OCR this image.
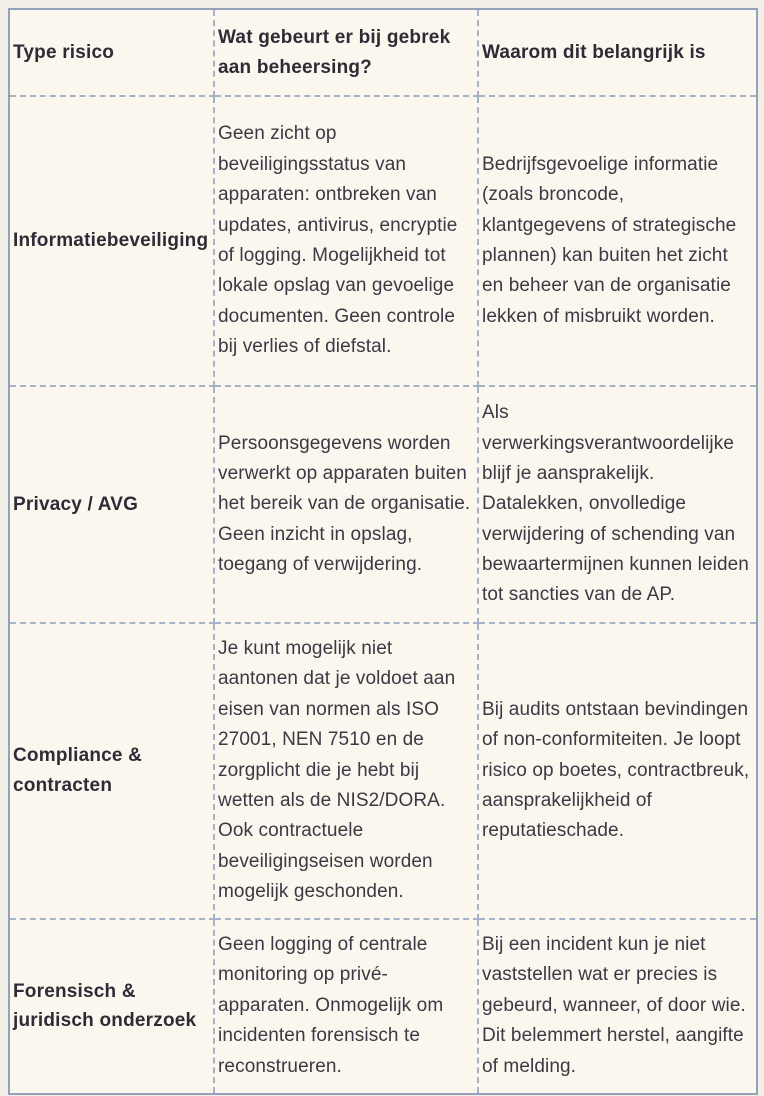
Type risico	Wat gebeurt er bij gebrek aan beheersing?	Waarom dit belangrijk is
Informatiebeveiliging	Geen zicht op beveiligingsstatus van apparaten: ontbreken van updates, antivirus, encryptie of logging. Mogelijkheid tot lokale opslag van gevoelige documenten. Geen controle bij verlies of diefstal.	Bedrijfsgevoelige informatie (zoals broncode, klantgegevens of strategische plannen) kan buiten het zicht en beheer van de organisatie lekken of misbruikt worden.
Privacy / AVG	Persoonsgegevens worden verwerkt op apparaten buiten het bereik van de organisatie. Geen inzicht in opslag, toegang of verwijdering.	Als verwerkingsverantwoordelijke blijf je aansprakelijk. Datalekken, onvolledige verwijdering of schending van bewaartermijnen kunnen leiden tot sancties van de AP.
Compliance & contracten	Je kunt mogelijk niet aantonen dat je voldoet aan eisen van normen als ISO 27001, NEN 7510 en de zorgplicht die je hebt bij wetten als de NIS2/DORA. Ook contractuele beveiligingseisen worden mogelijk geschonden.	Bij audits ontstaan bevindingen of non-conformiteiten. Je loopt risico op boetes, contractbreuk, aansprakelijkheid of reputatieschade.
Forensisch & juridisch onderzoek	Geen logging of centrale monitoring op privé-apparaten. Onmogelijk om incidenten forensisch te reconstrueren.	Bij een incident kun je niet vaststellen wat er precies is gebeurd, wanneer, of door wie. Dit belemmert herstel, aangifte of melding.
